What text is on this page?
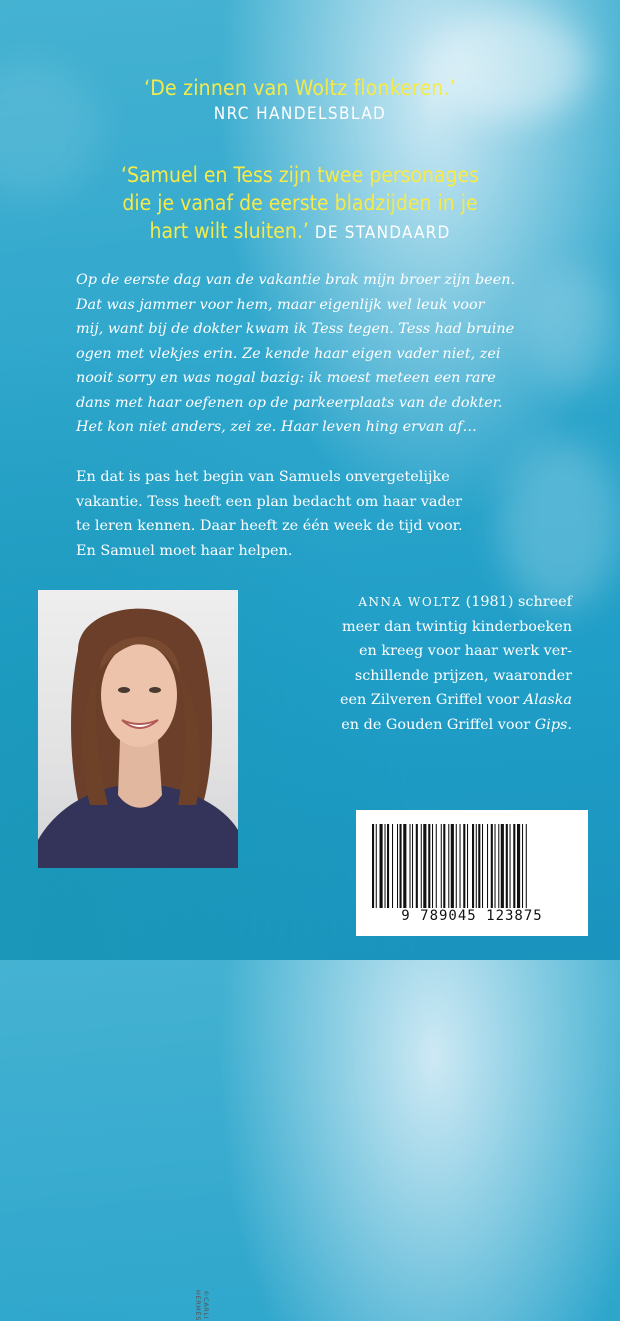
‘De zinnen van Woltz flonkeren.’
NRC HANDELSBLAD
‘Samuel en Tess zijn twee personages
die je vanaf de eerste bladzijden in je
hart wilt sluiten.’ DE STANDAARD
Op de eerste dag van de vakantie brak mijn broer zijn been.
Dat was jammer voor hem, maar eigenlijk wel leuk voor
mij, want bij de dokter kwam ik Tess tegen. Tess had bruine
ogen met vlekjes erin. Ze kende haar eigen vader niet, zei
nooit sorry en was nogal bazig: ik moest meteen een rare
dans met haar oefenen op de parkeerplaats van de dokter.
Het kon niet anders, zei ze. Haar leven hing ervan af…
En dat is pas het begin van Samuels onvergetelijke
vakantie. Tess heeft een plan bedacht om haar vader
te leren kennen. Daar heeft ze één week de tijd voor.
En Samuel moet haar helpen.
©CARLI HERMÈS
ANNA WOLTZ (1981) schreef
meer dan twintig kinderboeken
en kreeg voor haar werk ver-
schillende prijzen, waaronder
een Zilveren Griffel voor Alaska
en de Gouden Griffel voor Gips.
9 789045 123875
